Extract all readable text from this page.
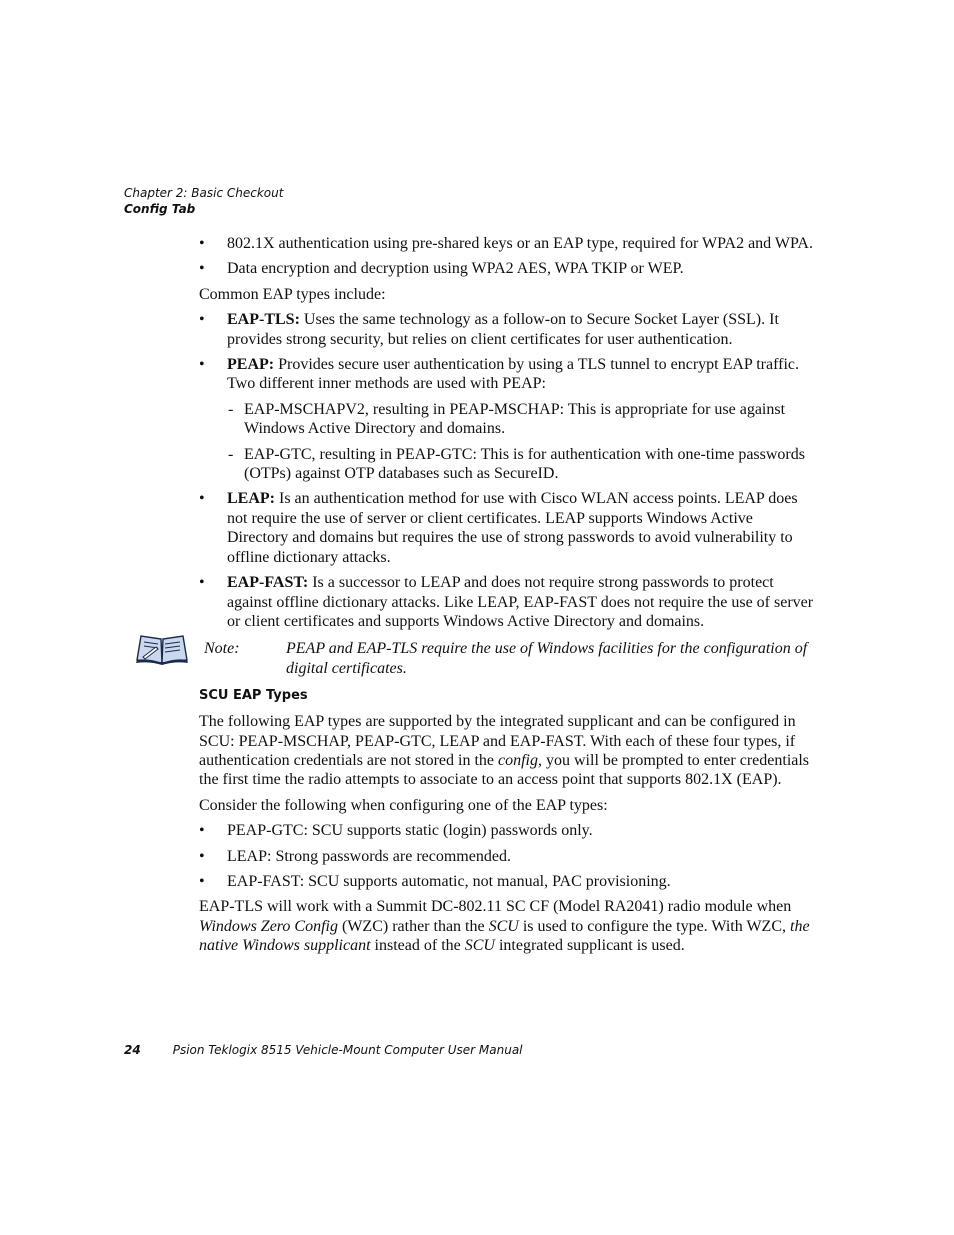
Chapter 2: Basic Checkout
Config Tab
• 802.1X authentication using pre-shared keys or an EAP type, required for WPA2 and WPA.
• Data encryption and decryption using WPA2 AES, WPA TKIP or WEP.

Common EAP types include:

• EAP-TLS: Uses the same technology as a follow-on to Secure Socket Layer (SSL). It provides strong security, but relies on client certificates for user authentication.
• PEAP: Provides secure user authentication by using a TLS tunnel to encrypt EAP traffic. Two different inner methods are used with PEAP:
- EAP-MSCHAPV2, resulting in PEAP-MSCHAP: This is appropriate for use against Windows Active Directory and domains.
- EAP-GTC, resulting in PEAP-GTC: This is for authentication with one-time passwords (OTPs) against OTP databases such as SecureID.
• LEAP: Is an authentication method for use with Cisco WLAN access points. LEAP does not require the use of server or client certificates. LEAP supports Windows Active Directory and domains but requires the use of strong passwords to avoid vulnerability to offline dictionary attacks.
• EAP-FAST: Is a successor to LEAP and does not require strong passwords to protect against offline dictionary attacks. Like LEAP, EAP-FAST does not require the use of server or client certificates and supports Windows Active Directory and domains.
Note:	PEAP and EAP-TLS require the use of Windows facilities for the configuration of digital certificates.
SCU EAP Types

The following EAP types are supported by the integrated supplicant and can be configured in SCU: PEAP-MSCHAP, PEAP-GTC, LEAP and EAP-FAST. With each of these four types, if authentication credentials are not stored in the config, you will be prompted to enter credentials the first time the radio attempts to associate to an access point that supports 802.1X (EAP).

Consider the following when configuring one of the EAP types:

• PEAP-GTC: SCU supports static (login) passwords only.
• LEAP: Strong passwords are recommended.
• EAP-FAST: SCU supports automatic, not manual, PAC provisioning.

EAP-TLS will work with a Summit DC-802.11 SC CF (Model RA2041) radio module when Windows Zero Config (WZC) rather than the SCU is used to configure the type. With WZC, the native Windows supplicant instead of the SCU integrated supplicant is used.

24	Psion Teklogix 8515 Vehicle-Mount Computer User Manual
